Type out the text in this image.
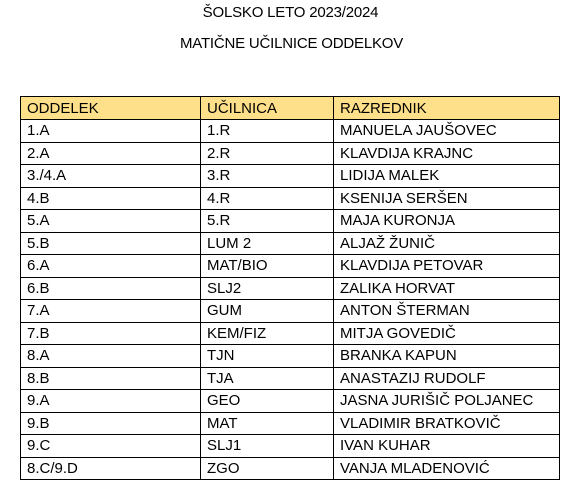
ŠOLSKO LETO 2023/2024
MATIČNE UČILNICE ODDELKOV
ODDELEK	UČILNICA	RAZREDNIK
1.A	1.R	MANUELA JAUŠOVEC
2.A	2.R	KLAVDIJA KRAJNC
3./4.A	3.R	LIDIJA MALEK
4.B	4.R	KSENIJA SERŠEN
5.A	5.R	MAJA KURONJA
5.B	LUM 2	ALJAŽ ŽUNIČ
6.A	MAT/BIO	KLAVDIJA PETOVAR
6.B	SLJ2	ZALIKA HORVAT
7.A	GUM	ANTON ŠTERMAN
7.B	KEM/FIZ	MITJA GOVEDIČ
8.A	TJN	BRANKA KAPUN
8.B	TJA	ANASTAZIJ RUDOLF
9.A	GEO	JASNA JURIŠIČ POLJANEC
9.B	MAT	VLADIMIR BRATKOVIČ
9.C	SLJ1	IVAN KUHAR
8.C/9.D	ZGO	VANJA MLADENOVIĆ
